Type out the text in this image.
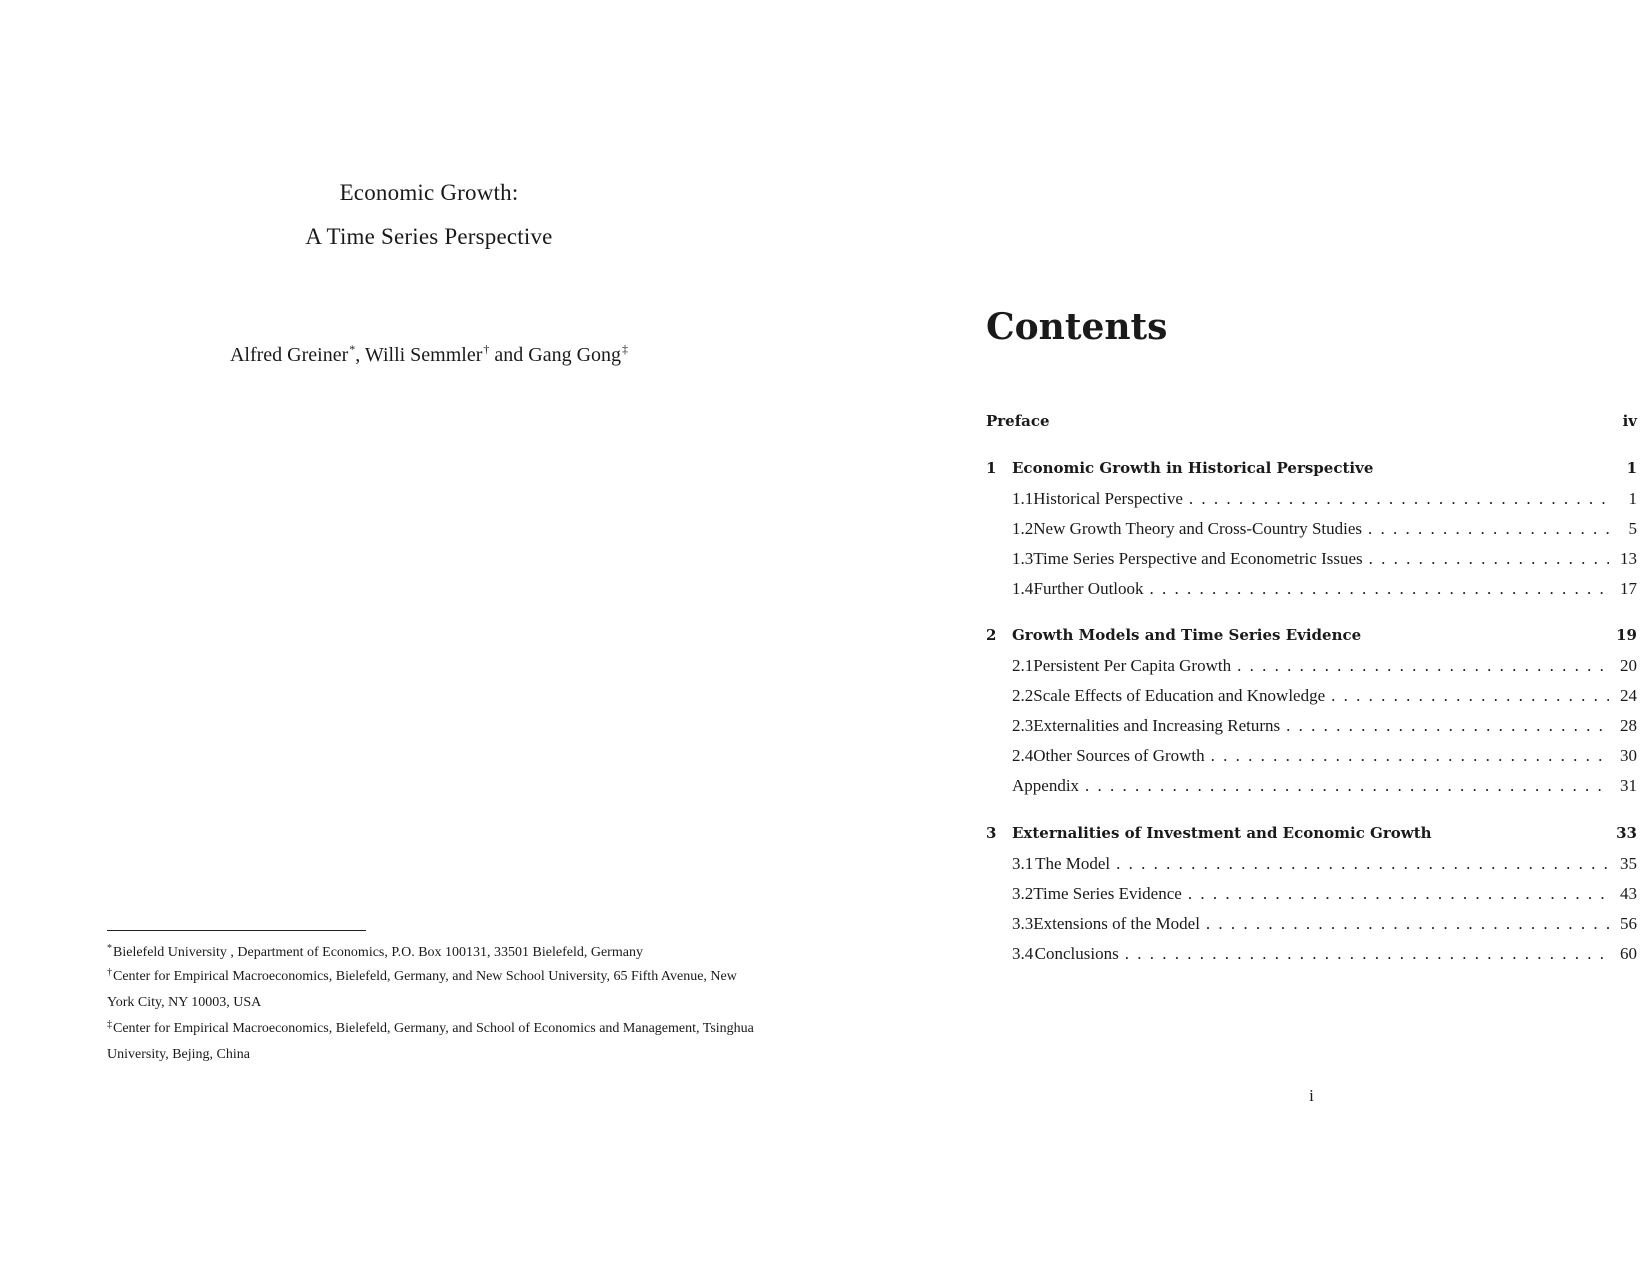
Economic Growth:
A Time Series Perspective
Alfred Greiner*, Willi Semmler† and Gang Gong‡
*Bielefeld University , Department of Economics, P.O. Box 100131, 33501 Bielefeld, Germany
†Center for Empirical Macroeconomics, Bielefeld, Germany, and New School University, 65 Fifth Avenue, New York City, NY 10003, USA
‡Center for Empirical Macroeconomics, Bielefeld, Germany, and School of Economics and Management, Tsinghua University, Bejing, China
Contents
Preface	iv
1	Economic Growth in Historical Perspective	1
1.1 Historical Perspective . . .	1
1.2 New Growth Theory and Cross-Country Studies . . .	5
1.3 Time Series Perspective and Econometric Issues . . .	13
1.4 Further Outlook . . .	17
2	Growth Models and Time Series Evidence	19
2.1 Persistent Per Capita Growth . . .	20
2.2 Scale Effects of Education and Knowledge . . .	24
2.3 Externalities and Increasing Returns . . .	28
2.4 Other Sources of Growth . . .	30
Appendix . . .	31
3	Externalities of Investment and Economic Growth	33
3.1 The Model . . .	35
3.2 Time Series Evidence . . .	43
3.3 Extensions of the Model . . .	56
3.4 Conclusions . . .	60
i
